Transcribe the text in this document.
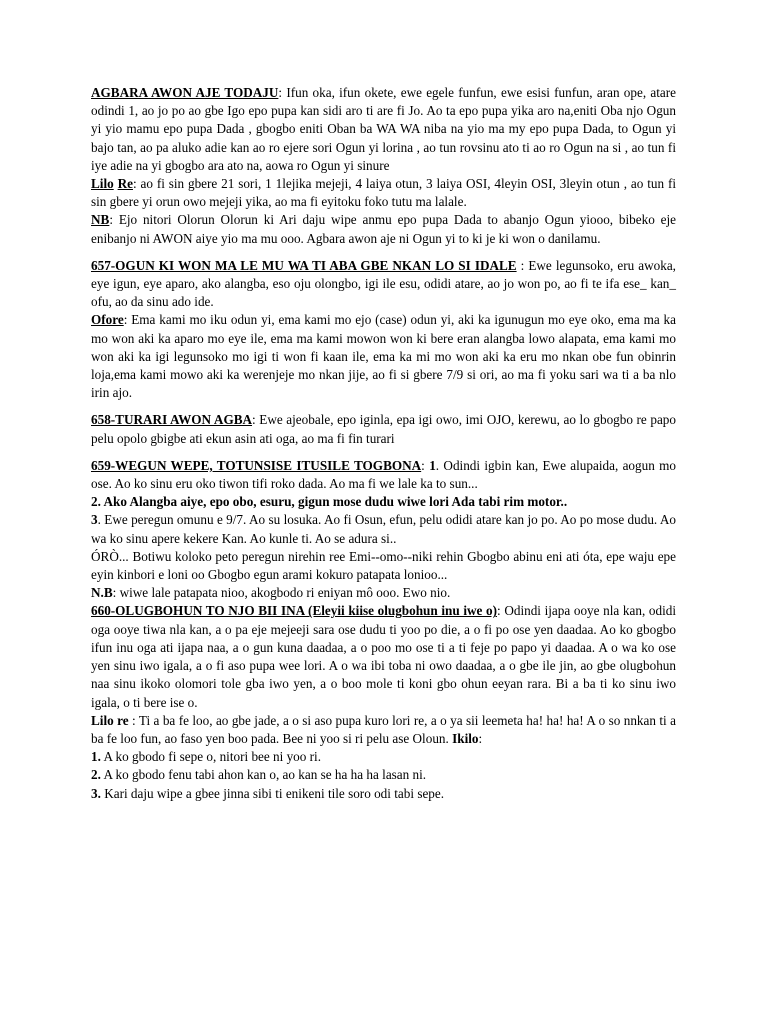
AGBARA AWON AJE TODAJU: Ifun oka, ifun okete, ewe egele funfun, ewe esisi funfun, aran ope, atare odindi 1, ao jo po ao gbe Igo epo pupa kan sidi aro ti are fi Jo. Ao ta epo pupa yika aro na,eniti Oba njo Ogun yi yio mamu epo pupa Dada , gbogbo eniti Oban ba WA WA niba na yio ma my epo pupa Dada, to Ogun yi bajo tan, ao pa aluko adie kan ao ro ejere sori Ogun yi lorina , ao tun rovsinu ato ti ao ro Ogun na si , ao tun fi iye adie na yi gbogbo ara ato na, aowa ro Ogun yi sinure

Lilo Re: ao fi sin gbere 21 sori, 1 1lejika mejeji, 4 laiya otun, 3 laiya OSI, 4leyin OSI, 3leyin otun , ao tun fi sin gbere yi orun owo mejeji yika, ao ma fi eyitoku foko tutu ma lalale.

NB: Ejo nitori Olorun Olorun ki Ari daju wipe anmu epo pupa Dada to abanjo Ogun yiooo, bibeko eje enibanjo ni AWON aiye yio ma mu ooo. Agbara awon aje ni Ogun yi to ki je ki won o danilamu.

657-OGUN KI WON MA LE MU WA TI ABA GBE NKAN LO SI IDALE : Ewe legunsoko, eru awoka, eye igun, eye aparo, ako alangba, eso oju olongbo, igi ile esu, odidi atare, ao jo won po, ao fi te ifa ese_ kan_ ofu, ao da sinu ado ide.

Ofore: Ema kami mo iku odun yi, ema kami mo ejo (case) odun yi, aki ka igunugun mo eye oko, ema ma ka mo won aki ka aparo mo eye ile, ema ma kami mowon won ki bere eran alangba lowo alapata, ema kami mo won aki ka igi legunsoko mo igi ti won fi kaan ile, ema ka mi mo won aki ka eru mo nkan obe fun obinrin loja,ema kami mowo aki ka werenjeje mo nkan jije, ao fi si gbere 7/9 si ori, ao ma fi yoku sari wa ti a ba nlo irin ajo.

658-TURARI AWON AGBA: Ewe ajeobale, epo iginla, epa igi owo, imi OJO, kerewu, ao lo gbogbo re papo pelu opolo gbigbe ati ekun asin ati oga, ao ma fi fin turari

659-WEGUN WEPE, TOTUNSISE ITUSILE TOGBONA: 1. Odindi igbin kan, Ewe alupaida, aogun mo ose. Ao ko sinu eru oko tiwon tifi roko dada. Ao ma fi we lale ka to sun...

2. Ako Alangba aiye, epo obo, esuru, gigun mose dudu wiwe lori Ada tabi rim motor..

3. Ewe peregun omunu e 9/7. Ao su losuka. Ao fi Osun, efun, pelu odidi atare kan jo po. Ao po mose dudu. Ao wa ko sinu apere kekere Kan. Ao kunle ti. Ao se adura si..

ÓRÒ... Botiwu koloko peto peregun nirehin ree Emi--omo--niki rehin Gbogbo abinu eni ati óta, epe waju epe eyin kinbori e loni oo Gbogbo egun arami kokuro patapata lonioo...

N.B: wiwe lale patapata nioo, akogbodo ri eniyan mô ooo. Ewo nio.

660-OLUGBOHUN TO NJO BII INA (Eleyii kiise olugbohun inu iwe o): Odindi ijapa ooye nla kan, odidi oga ooye tiwa nla kan, a o pa eje mejeeji sara ose dudu ti yoo po die, a o fi po ose yen daadaa. Ao ko gbogbo ifun inu oga ati ijapa naa, a o gun kuna daadaa, a o poo mo ose ti a ti feje po papo yi daadaa. A o wa ko ose yen sinu iwo igala, a o fi aso pupa wee lori. A o wa ibi toba ni owo daadaa, a o gbe ile jin, ao gbe olugbohun naa sinu ikoko olomori tole gba iwo yen, a o boo mole ti koni gbo ohun eeyan rara. Bi a ba ti ko sinu iwo igala, o ti bere ise o.

Lilo re : Ti a ba fe loo, ao gbe jade, a o si aso pupa kuro lori re, a o ya sii leemeta ha! ha! ha! A o so nnkan ti a ba fe loo fun, ao faso yen boo pada. Bee ni yoo si ri pelu ase Oloun. Ikilo:

1. A ko gbodo fi sepe o, nitori bee ni yoo ri.

2. A ko gbodo fenu tabi ahon kan o, ao kan se ha ha ha lasan ni.

3. Kari daju wipe a gbee jinna sibi ti enikeni tile soro odi tabi sepe.
